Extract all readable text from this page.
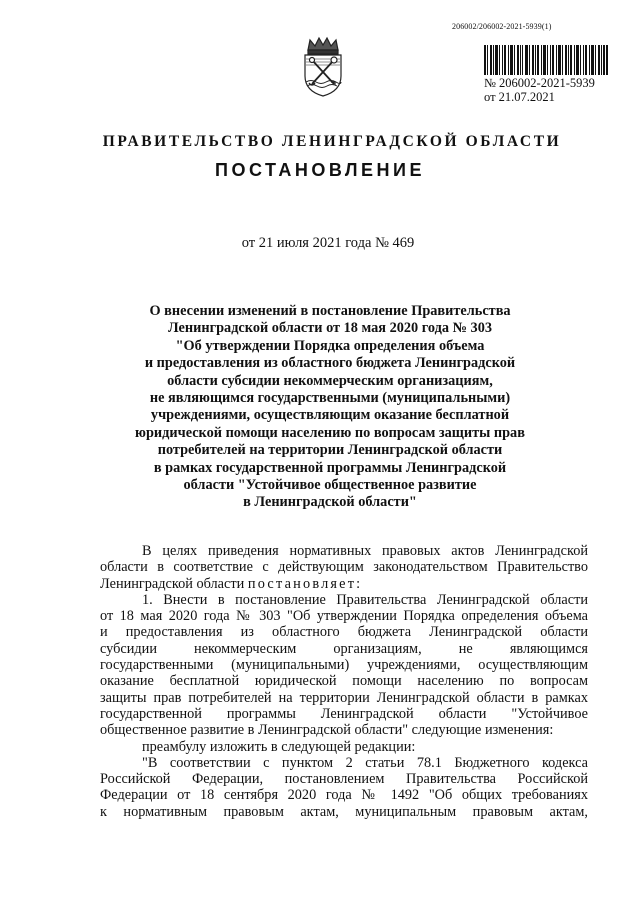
206002/206002-2021-5939(1)
№ 206002-2021-5939
от 21.07.2021
ПРАВИТЕЛЬСТВО ЛЕНИНГРАДСКОЙ ОБЛАСТИ
ПОСТАНОВЛЕНИЕ
от 21 июля 2021 года № 469
О внесении изменений в постановление Правительства
Ленинградской области от 18 мая 2020 года № 303
"Об утверждении Порядка определения объема
и предоставления из областного бюджета Ленинградской
области субсидии некоммерческим организациям,
не являющимся государственными (муниципальными)
учреждениями, осуществляющим оказание бесплатной
юридической помощи населению по вопросам защиты прав
потребителей на территории Ленинградской области
в рамках государственной программы Ленинградской
области "Устойчивое общественное развитие
в Ленинградской области"
В целях приведения нормативных правовых актов Ленинградской
области в соответствие с действующим законодательством Правительство
Ленинградской области постановляет:
1. Внести в постановление Правительства Ленинградской области
от 18 мая 2020 года № 303 "Об утверждении Порядка определения объема
и предоставления из областного бюджета Ленинградской области
субсидии некоммерческим организациям, не являющимся
государственными (муниципальными) учреждениями, осуществляющим
оказание бесплатной юридической помощи населению по вопросам
защиты прав потребителей на территории Ленинградской области в рамках
государственной программы Ленинградской области "Устойчивое
общественное развитие в Ленинградской области" следующие изменения:
преамбулу изложить в следующей редакции:
"В соответствии с пунктом 2 статьи 78.1 Бюджетного кодекса
Российской Федерации, постановлением Правительства Российской
Федерации от 18 сентября 2020 года № 1492 "Об общих требованиях
к нормативным правовым актам, муниципальным правовым актам,
